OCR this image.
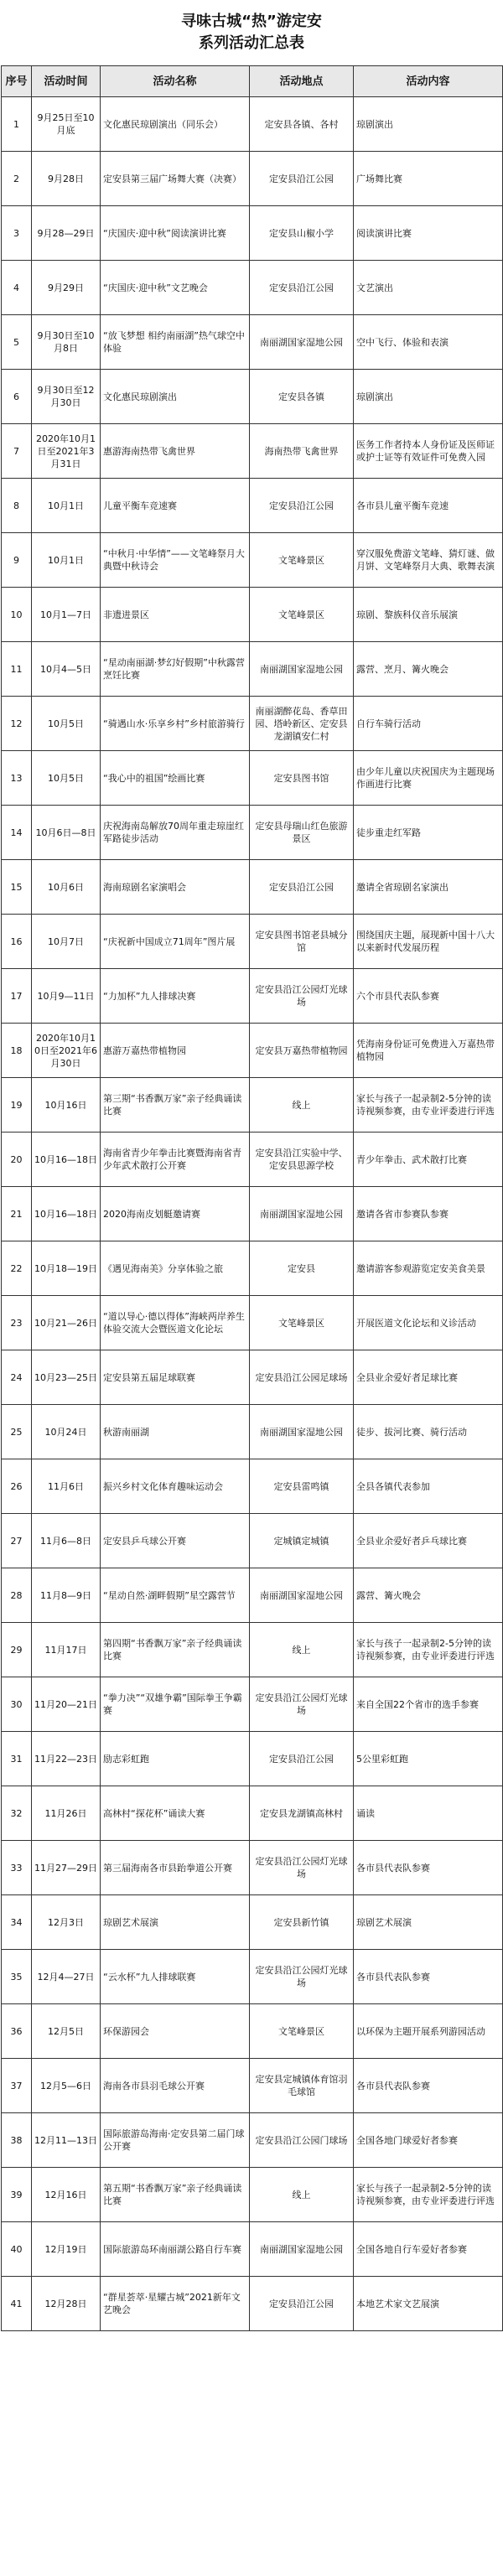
寻味古城“热”游定安
系列活动汇总表
序号	活动时间	活动名称	活动地点	活动内容
1	9月25日至10月底	文化惠民琼剧演出（同乐会）	定安县各镇、各村	琼剧演出
2	9月28日	定安县第三届广场舞大赛（决赛）	定安县沿江公园	广场舞比赛
3	9月28—29日	“庆国庆·迎中秋”阅读演讲比赛	定安县山椒小学	阅读演讲比赛
4	9月29日	“庆国庆·迎中秋”文艺晚会	定安县沿江公园	文艺演出
5	9月30日至10月8日	“放飞梦想 相约南丽湖”热气球空中体验	南丽湖国家湿地公园	空中飞行、体验和表演
6	9月30日至12月30日	文化惠民琼剧演出	定安县各镇	琼剧演出
7	2020年10月1日至2021年3月31日	惠游海南热带飞禽世界	海南热带飞禽世界	医务工作者持本人身份证及医师证或护士证等有效证件可免费入园
8	10月1日	儿童平衡车竞速赛	定安县沿江公园	各市县儿童平衡车竞速
9	10月1日	“中秋月·中华情”——文笔峰祭月大典暨中秋诗会	文笔峰景区	穿汉服免费游文笔峰、猜灯谜、做月饼、文笔峰祭月大典、歌舞表演
10	10月1—7日	非遗进景区	文笔峰景区	琼剧、黎族科仪音乐展演
11	10月4—5日	“星动南丽湖·梦幻好假期”中秋露营烹饪比赛	南丽湖国家湿地公园	露营、烹月、篝火晚会
12	10月5日	“骑遇山水·乐享乡村”乡村旅游骑行	南丽湖醉花岛、香草田园、塔岭新区、定安县龙湖镇安仁村	自行车骑行活动
13	10月5日	“我心中的祖国”绘画比赛	定安县图书馆	由少年儿童以庆祝国庆为主题现场作画进行比赛
14	10月6日—8日	庆祝海南岛解放70周年重走琼崖红军路徒步活动	定安县母瑞山红色旅游景区	徒步重走红军路
15	10月6日	海南琼剧名家演唱会	定安县沿江公园	邀请全省琼剧名家演出
16	10月7日	“庆祝新中国成立71周年”图片展	定安县图书馆老县城分馆	围绕国庆主题，展现新中国十八大以来新时代发展历程
17	10月9—11日	“力加杯”九人排球决赛	定安县沿江公园灯光球场	六个市县代表队参赛
18	2020年10月10日至2021年6月30日	惠游万嘉热带植物园	定安县万嘉热带植物园	凭海南身份证可免费进入万嘉热带植物园
19	10月16日	第三期“书香飘万家”亲子经典诵读比赛	线上	家长与孩子一起录制2-5分钟的读诗视频参赛，由专业评委进行评选
20	10月16—18日	海南省青少年拳击比赛暨海南省青少年武术散打公开赛	定安县沿江实验中学、定安县思源学校	青少年拳击、武术散打比赛
21	10月16—18日	2020海南皮划艇邀请赛	南丽湖国家湿地公园	邀请各省市参赛队参赛
22	10月18—19日	《遇见海南美》分享体验之旅	定安县	邀请游客参观游览定安美食美景
23	10月21—26日	“道以导心·德以得体”海峡两岸养生体验交流大会暨医道文化论坛	文笔峰景区	开展医道文化论坛和义诊活动
24	10月23—25日	定安县第五届足球联赛	定安县沿江公园足球场	全县业余爱好者足球比赛
25	10月24日	秋游南丽湖	南丽湖国家湿地公园	徒步、拔河比赛、骑行活动
26	11月6日	振兴乡村文化体育趣味运动会	定安县雷鸣镇	全县各镇代表参加
27	11月6—8日	定安县乒乓球公开赛	定城镇定城镇	全县业余爱好者乒乓球比赛
28	11月8—9日	“星动自然·湖畔假期”星空露营节	南丽湖国家湿地公园	露营、篝火晚会
29	11月17日	第四期“书香飘万家”亲子经典诵读比赛	线上	家长与孩子一起录制2-5分钟的读诗视频参赛，由专业评委进行评选
30	11月20—21日	“拳力决”“双雄争霸”国际拳王争霸赛	定安县沿江公园灯光球场	来自全国22个省市的选手参赛
31	11月22—23日	励志彩虹跑	定安县沿江公园	5公里彩虹跑
32	11月26日	高林村“探花杯”诵读大赛	定安县龙湖镇高林村	诵读
33	11月27—29日	第三届海南各市县跆拳道公开赛	定安县沿江公园灯光球场	各市县代表队参赛
34	12月3日	琼剧艺术展演	定安县新竹镇	琼剧艺术展演
35	12月4—27日	“云水杯”九人排球联赛	定安县沿江公园灯光球场	各市县代表队参赛
36	12月5日	环保游园会	文笔峰景区	以环保为主题开展系列游园活动
37	12月5—6日	海南各市县羽毛球公开赛	定安县定城镇体育馆羽毛球馆	各市县代表队参赛
38	12月11—13日	国际旅游岛海南·定安县第二届门球公开赛	定安县沿江公园门球场	全国各地门球爱好者参赛
39	12月16日	第五期“书香飘万家”亲子经典诵读比赛	线上	家长与孩子一起录制2-5分钟的读诗视频参赛，由专业评委进行评选
40	12月19日	国际旅游岛环南丽湖公路自行车赛	南丽湖国家湿地公园	全国各地自行车爱好者参赛
41	12月28日	“群星荟萃·星耀古城”2021新年文艺晚会	定安县沿江公园	本地艺术家文艺展演
